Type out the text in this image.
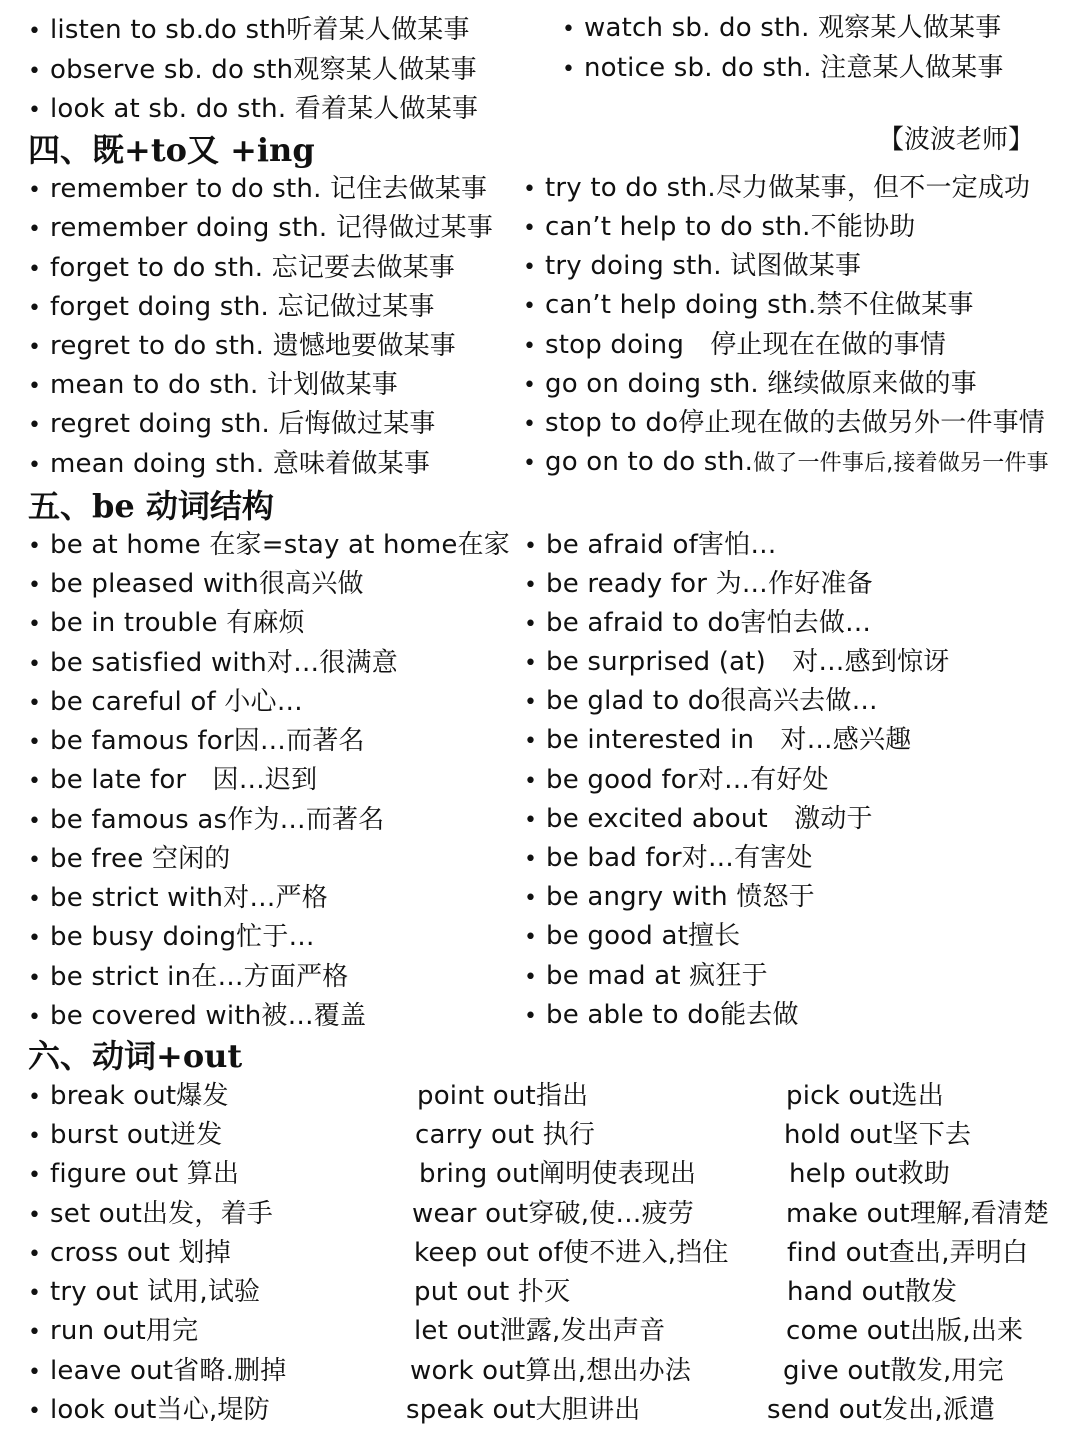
• listen to sb.do sth听着某人做某事
• observe sb. do sth观察某人做某事
• look at sb. do sth. 看着某人做某事
• watch sb. do sth. 观察某人做某事
• notice sb. do sth. 注意某人做某事
四、既+to又 +ing	【波波老师】
• remember to do sth. 记住去做某事
• remember doing sth. 记得做过某事
• forget to do sth. 忘记要去做某事
• forget doing sth. 忘记做过某事
• regret to do sth. 遗憾地要做某事
• mean to do sth. 计划做某事
• regret doing sth. 后悔做过某事
• mean doing sth. 意味着做某事
• try to do sth.尽力做某事，但不一定成功
• can’t help to do sth.不能协助
• try doing sth. 试图做某事
• can’t help doing sth.禁不住做某事
• stop doing　停止现在在做的事情
• go on doing sth. 继续做原来做的事
• stop to do停止现在做的去做另外一件事情
• go on to do sth.做了一件事后,接着做另一件事
五、be 动词结构
• be at home 在家=stay at home在家
• be pleased with很高兴做
• be in trouble 有麻烦
• be satisfied with对…很满意
• be careful of 小心…
• be famous for因…而著名
• be late for　因…迟到
• be famous as作为…而著名
• be free 空闲的
• be strict with对…严格
• be busy doing忙于…
• be strict in在…方面严格
• be covered with被…覆盖
• be afraid of害怕…
• be ready for 为…作好准备
• be afraid to do害怕去做…
• be surprised (at)　对…感到惊讶
• be glad to do很高兴去做…
• be interested in　对…感兴趣
• be good for对…有好处
• be excited about　激动于
• be bad for对…有害处
• be angry with 愤怒于
• be good at擅长
• be mad at 疯狂于
• be able to do能去做
六、动词+out
• break out爆发
• burst out迸发
• figure out 算出
• set out出发，着手
• cross out 划掉
• try out 试用,试验
• run out用完
• leave out省略.删掉
• look out当心,堤防
point out指出
carry out 执行
bring out阐明使表现出
wear out穿破,使…疲劳
keep out of使不进入,挡住
put out 扑灭
let out泄露,发出声音
work out算出,想出办法
speak out大胆讲出
pick out选出
hold out坚下去
help out救助
make out理解,看清楚
find out查出,弄明白
hand out散发
come out出版,出来
give out散发,用完
send out发出,派遣
